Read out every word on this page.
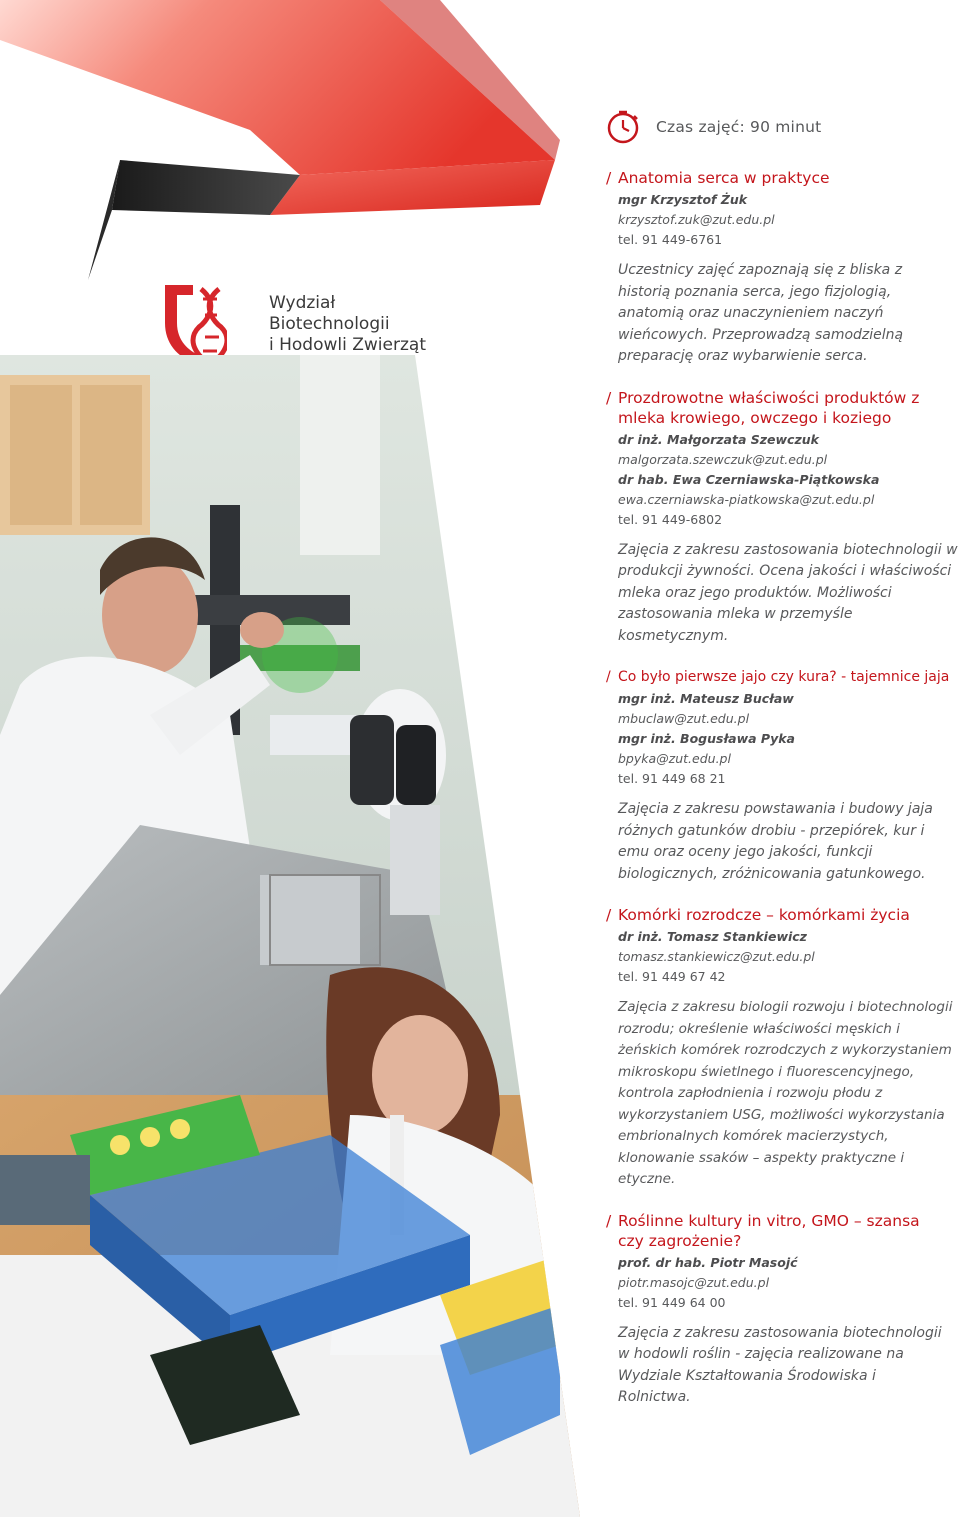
Wydział
Biotechnologii
i Hodowli Zwierząt
Czas zajęć: 90 minut
/ Anatomia serca w praktyce
mgr Krzysztof Żuk
krzysztof.zuk@zut.edu.pl
tel. 91 449-6761
Uczestnicy zajęć zapoznają się z bliska z historią poznania serca, jego fizjologią, anatomią oraz unaczynieniem naczyń wieńcowych. Przeprowadzą samodzielną preparację oraz wybarwienie serca.
/ Prozdrowotne właściwości produktów z mleka krowiego, owczego i koziego
dr inż. Małgorzata Szewczuk
malgorzata.szewczuk@zut.edu.pl
dr hab. Ewa Czerniawska-Piątkowska
ewa.czerniawska-piatkowska@zut.edu.pl
tel. 91 449-6802
Zajęcia z zakresu zastosowania biotechnologii w produkcji żywności. Ocena jakości i właściwości mleka oraz jego produktów. Możliwości zastosowania mleka w przemyśle kosmetycznym.
/ Co było pierwsze jajo czy kura? - tajemnice jaja
mgr inż. Mateusz Bucław
mbuclaw@zut.edu.pl
mgr inż. Bogusława Pyka
bpyka@zut.edu.pl
tel. 91 449 68 21
Zajęcia z zakresu powstawania i budowy jaja różnych gatunków drobiu - przepiórek, kur i emu oraz oceny jego jakości, funkcji biologicznych, zróżnicowania gatunkowego.
/ Komórki rozrodcze – komórkami życia
dr inż. Tomasz Stankiewicz
tomasz.stankiewicz@zut.edu.pl
tel. 91 449 67 42
Zajęcia z zakresu biologii rozwoju i biotechnologii rozrodu; określenie właściwości męskich i żeńskich komórek rozrodczych z wykorzystaniem mikroskopu świetlnego i fluorescencyjnego, kontrola zapłodnienia i rozwoju płodu z wykorzystaniem USG, możliwości wykorzystania embrionalnych komórek macierzystych, klonowanie ssaków – aspekty praktyczne i etyczne.
/ Roślinne kultury in vitro, GMO – szansa czy zagrożenie?
prof. dr hab. Piotr Masojć
piotr.masojc@zut.edu.pl
tel. 91 449 64 00
Zajęcia z zakresu zastosowania biotechnologii w hodowli roślin - zajęcia realizowane na Wydziale Kształtowania Środowiska i Rolnictwa.
